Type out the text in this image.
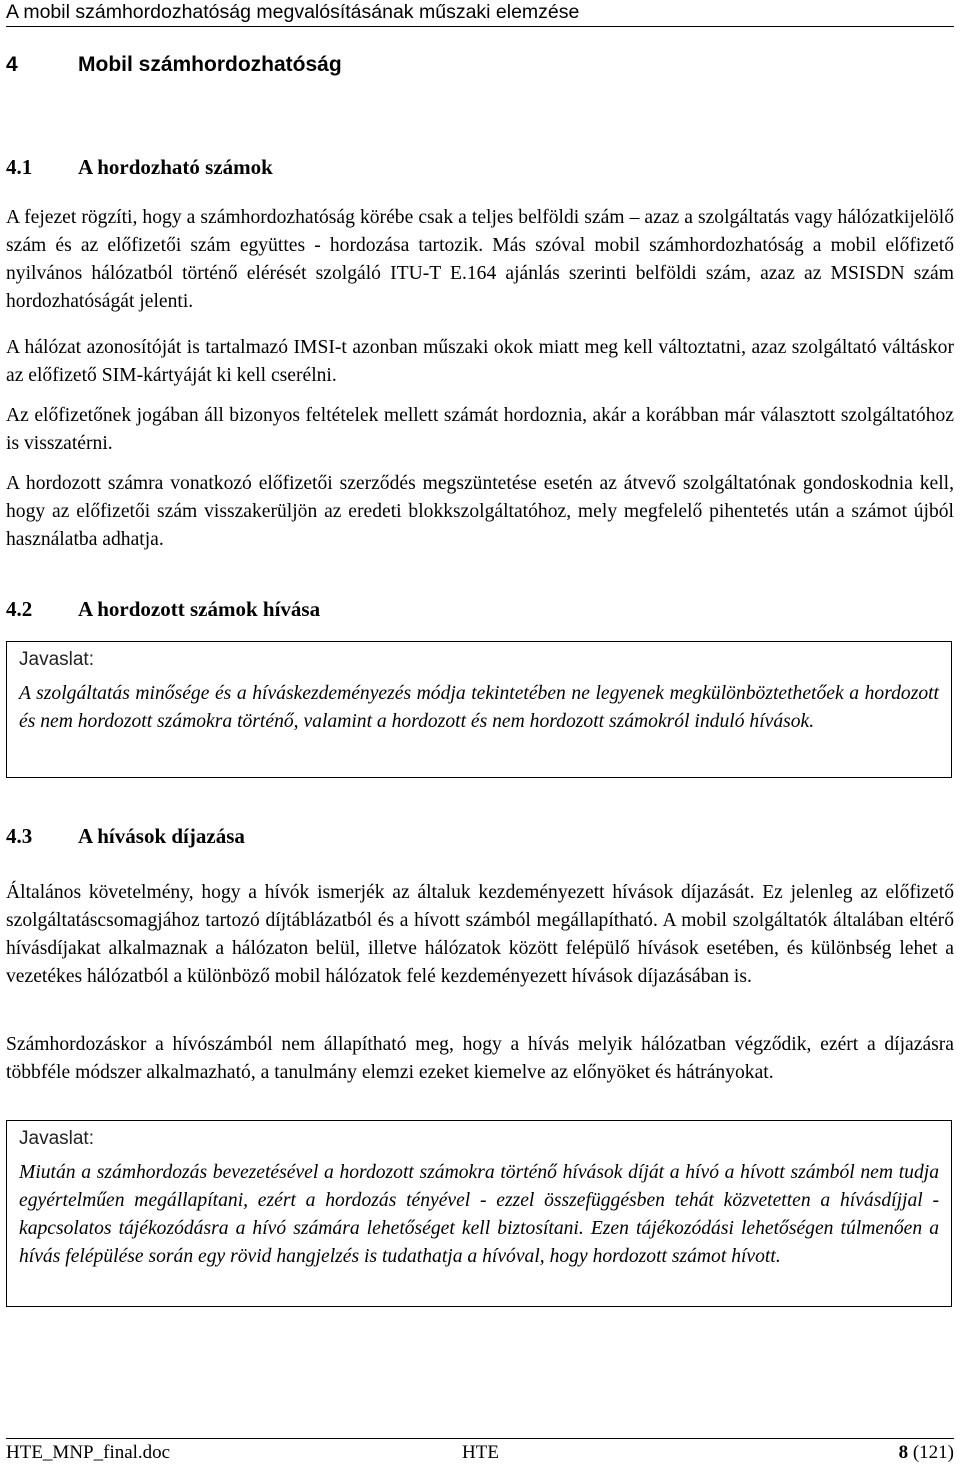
A mobil számhordozhatóság megvalósításának műszaki elemzése
4	Mobil számhordozhatóság
4.1 A hordozható számok

A fejezet rögzíti, hogy a számhordozhatóság körébe csak a teljes belföldi szám – azaz a szolgáltatás vagy hálózatkijelölő szám és az előfizetői szám együttes - hordozása tartozik. Más szóval mobil számhordozhatóság a mobil előfizető nyilvános hálózatból történő elérését szolgáló ITU-T E.164 ajánlás szerinti belföldi szám, azaz az MSISDN szám hordozhatóságát jelenti.

A hálózat azonosítóját is tartalmazó IMSI-t azonban műszaki okok miatt meg kell változtatni, azaz szolgáltató váltáskor az előfizető SIM-kártyáját ki kell cserélni.

Az előfizetőnek jogában áll bizonyos feltételek mellett számát hordoznia, akár a korábban már választott szolgáltatóhoz is visszatérni.

A hordozott számra vonatkozó előfizetői szerződés megszüntetése esetén az átvevő szolgáltatónak gondoskodnia kell, hogy az előfizetői szám visszakerüljön az eredeti blokkszolgáltatóhoz, mely megfelelő pihentetés után a számot újból használatba adhatja.

4.2 A hordozott számok hívása
Javaslat:
A szolgáltatás minősége és a híváskezdeményezés módja tekintetében ne legyenek megkülönböztethetőek a hordozott és nem hordozott számokra történő, valamint a hordozott és nem hordozott számokról induló hívások.
4.3 A hívások díjazása

Általános követelmény, hogy a hívók ismerjék az általuk kezdeményezett hívások díjazását. Ez jelenleg az előfizető szolgáltatáscsomagjához tartozó díjtáblázatból és a hívott számból megállapítható. A mobil szolgáltatók általában eltérő hívásdíjakat alkalmaznak a hálózaton belül, illetve hálózatok között felépülő hívások esetében, és különbség lehet a vezetékes hálózatból a különböző mobil hálózatok felé kezdeményezett hívások díjazásában is.

Számhordozáskor a hívószámból nem állapítható meg, hogy a hívás melyik hálózatban végződik, ezért a díjazásra többféle módszer alkalmazható, a tanulmány elemzi ezeket kiemelve az előnyöket és hátrányokat.

Javaslat:
Miután a számhordozás bevezetésével a hordozott számokra történő hívások díját a hívó a hívott számból nem tudja egyértelműen megállapítani, ezért a hordozás tényével - ezzel összefüggésben tehát közvetetten a hívásdíjjal - kapcsolatos tájékozódásra a hívó számára lehetőséget kell biztosítani. Ezen tájékozódási lehetőségen túlmenően a hívás felépülése során egy rövid hangjelzés is tudathatja a hívóval, hogy hordozott számot hívott.
HTE_MNP_final.doc	HTE	8 (121)
